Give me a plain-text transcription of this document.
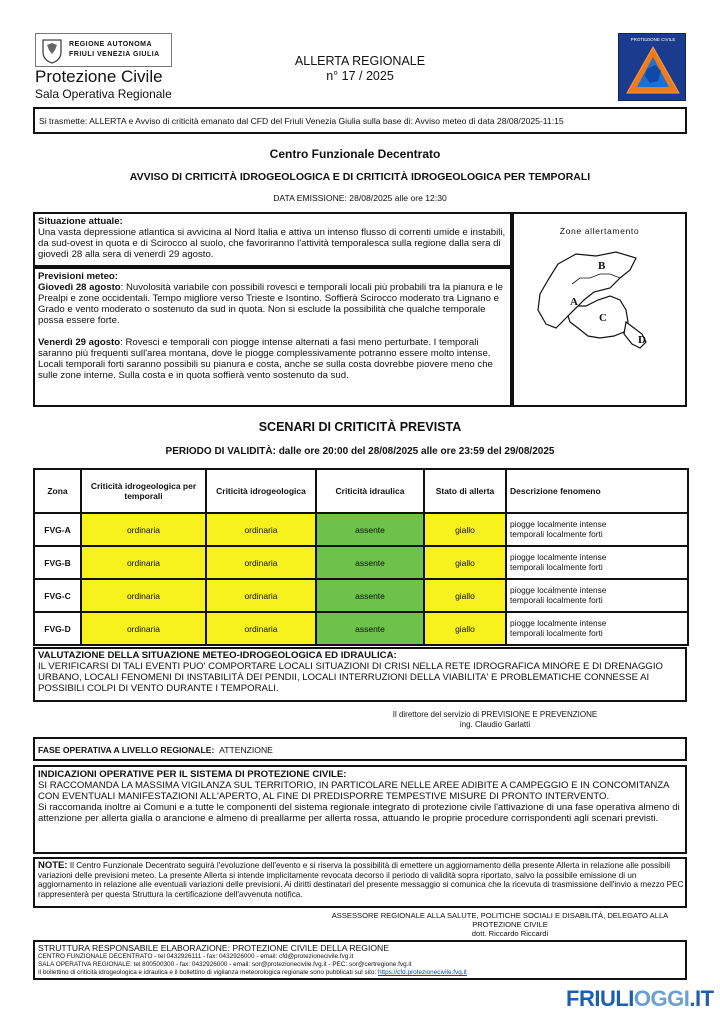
REGIONE AUTONOMA
FRIULI VENEZIA GIULIA
Protezione Civile
Sala Operativa Regionale
ALLERTA REGIONALE
n° 17 / 2025
PROTEZIONE CIVILE
Si trasmette: ALLERTA e Avviso di criticità emanato dal CFD del Friuli Venezia Giulia sulla base di: Avviso meteo di data 28/08/2025-11:15
Centro Funzionale Decentrato
AVVISO DI CRITICITÀ IDROGEOLOGICA E DI CRITICITÀ IDROGEOLOGICA PER TEMPORALI
DATA EMISSIONE: 28/08/2025 alle ore 12:30
Situazione attuale:
Una vasta depressione atlantica si avvicina al Nord Italia e attiva un intenso flusso di correnti umide e instabili, da sud-ovest in quota e di Scirocco al suolo, che favoriranno l'attività temporalesca sulla regione dalla sera di giovedì 28 alla sera di venerdì 29 agosto.
Previsioni meteo:
Giovedì 28 agosto: Nuvolosità variabile con possibili rovesci e temporali locali più probabili tra la pianura e le Prealpi e zone occidentali. Tempo migliore verso Trieste e Isontino. Soffierà Scirocco moderato tra Lignano e Grado e vento moderato o sostenuto da sud in quota. Non si esclude la possibilità che qualche temporale possa essere forte.
Venerdì 29 agosto: Rovesci e temporali con piogge intense alternati a fasi meno perturbate. I temporali saranno più frequenti sull'area montana, dove le piogge complessivamente potranno essere molto intense. Locali temporali forti saranno possibili su pianura e costa, anche se sulla costa dovrebbe piovere meno che sulle zone interne. Sulla costa e in quota soffierà vento sostenuto da sud.
Zone allertamento
B
A
C
D
SCENARI DI CRITICITÀ PREVISTA
PERIODO DI VALIDITÀ: dalle ore 20:00 del 28/08/2025 alle ore 23:59 del 29/08/2025
Zona	Criticità idrogeologica per temporali	Criticità idrogeologica	Criticità idraulica	Stato di allerta	Descrizione fenomeno
FVG-A	ordinaria	ordinaria	assente	giallo	piogge localmente intense
temporali localmente forti

FVG-B	ordinaria	ordinaria	assente	giallo	piogge localmente intense
temporali localmente forti

FVG-C	ordinaria	ordinaria	assente	giallo	piogge localmente intense
temporali localmente forti

FVG-D	ordinaria	ordinaria	assente	giallo	piogge localmente intense
temporali localmente forti
VALUTAZIONE DELLA SITUAZIONE METEO-IDROGEOLOGICA ED IDRAULICA:
IL VERIFICARSI DI TALI EVENTI PUO' COMPORTARE LOCALI SITUAZIONI DI CRISI NELLA RETE IDROGRAFICA MINORE E DI DRENAGGIO URBANO, LOCALI FENOMENI DI INSTABILITÀ DEI PENDII, LOCALI INTERRUZIONI DELLA VIABILITA' E PROBLEMATICHE CONNESSE AI POSSIBILI COLPI DI VENTO DURANTE I TEMPORALI.
Il direttore del servizio di PREVISIONE E PREVENZIONE
ing. Claudio Garlatti
FASE OPERATIVA A LIVELLO REGIONALE: ATTENZIONE
INDICAZIONI OPERATIVE PER IL SISTEMA DI PROTEZIONE CIVILE:
SI RACCOMANDA LA MASSIMA VIGILANZA SUL TERRITORIO, IN PARTICOLARE NELLE AREE ADIBITE A CAMPEGGIO E IN CONCOMITANZA CON EVENTUALI MANIFESTAZIONI ALL'APERTO, AL FINE DI PREDISPORRE TEMPESTIVE MISURE DI PRONTO INTERVENTO.
Si raccomanda inoltre ai Comuni e a tutte le componenti del sistema regionale integrato di protezione civile l'attivazione di una fase operativa almeno di attenzione per allerta gialla o arancione e almeno di preallarme per allerta rossa, attuando le proprie procedure corrispondenti agli scenari previsti.
NOTE: Il Centro Funzionale Decentrato seguirà l'evoluzione dell'evento e si riserva la possibilità di emettere un aggiornamento della presente Allerta in relazione alle possibili variazioni delle previsioni meteo. La presente Allerta si intende implicitamente revocata decorso il periodo di validità sopra riportato, salvo la possibile emissione di un aggiornamento in relazione alle eventuali variazioni delle previsioni. Ai diritti destinatari del presente messaggio si comunica che la ricevuta di trasmissione dell'invio a mezzo PEC rappresenterà per questa Struttura la certificazione dell'avvenuta notifica.
ASSESSORE REGIONALE ALLA SALUTE, POLITICHE SOCIALI E DISABILITÀ, DELEGATO ALLA
PROTEZIONE CIVILE
dott. Riccardo Riccardi
STRUTTURA RESPONSABILE ELABORAZIONE: PROTEZIONE CIVILE DELLA REGIONE
CENTRO FUNZIONALE DECENTRATO - tel 0432926111 - fax: 0432926000 - email: cfd@protezionecivile.fvg.it
SALA OPERATIVA REGIONALE: tel 800500300 - fax: 0432926000 - email: sor@protezionecivile.fvg.it - PEC: sor@certregione.fvg.it
Il bollettino di criticità idrogeologica e idraulica e il bollettino di vigilanza meteorologica regionale sono pubblicati sul sito: https://cfd.protezionecivile.fvg.it
FRIULIOGGI.IT
